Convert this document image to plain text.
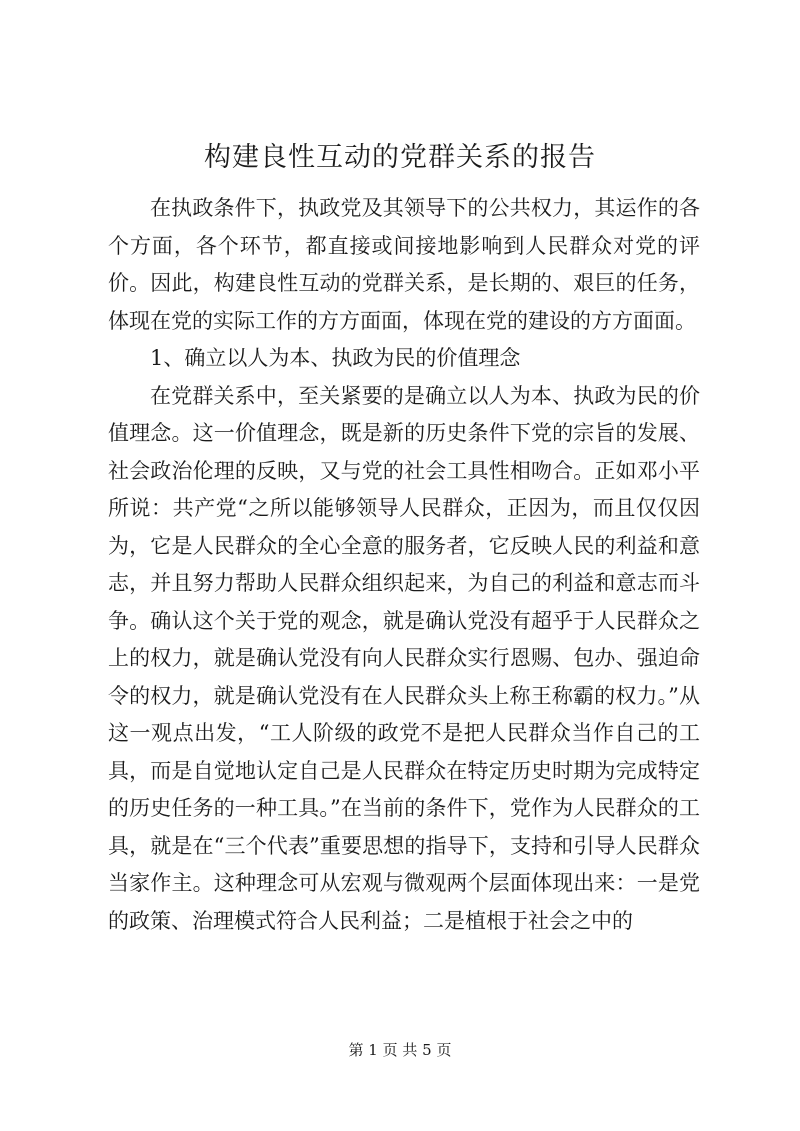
构建良性互动的党群关系的报告

在执政条件下，执政党及其领导下的公共权力，其运作的各个方面，各个环节，都直接或间接地影响到人民群众对党的评价。因此，构建良性互动的党群关系，是长期的、艰巨的任务，体现在党的实际工作的方方面面，体现在党的建设的方方面面。

1、确立以人为本、执政为民的价值理念

在党群关系中，至关紧要的是确立以人为本、执政为民的价值理念。这一价值理念，既是新的历史条件下党的宗旨的发展、社会政治伦理的反映，又与党的社会工具性相吻合。正如邓小平所说：共产党“之所以能够领导人民群众，正因为，而且仅仅因为，它是人民群众的全心全意的服务者，它反映人民的利益和意志，并且努力帮助人民群众组织起来，为自己的利益和意志而斗争。确认这个关于党的观念，就是确认党没有超乎于人民群众之上的权力，就是确认党没有向人民群众实行恩赐、包办、强迫命令的权力，就是确认党没有在人民群众头上称王称霸的权力。”从这一观点出发，“工人阶级的政党不是把人民群众当作自己的工具，而是自觉地认定自己是人民群众在特定历史时期为完成特定的历史任务的一种工具。”在当前的条件下，党作为人民群众的工具，就是在“三个代表”重要思想的指导下，支持和引导人民群众当家作主。这种理念可从宏观与微观两个层面体现出来：一是党的政策、治理模式符合人民利益；二是植根于社会之中的

第 1 页 共 5 页
